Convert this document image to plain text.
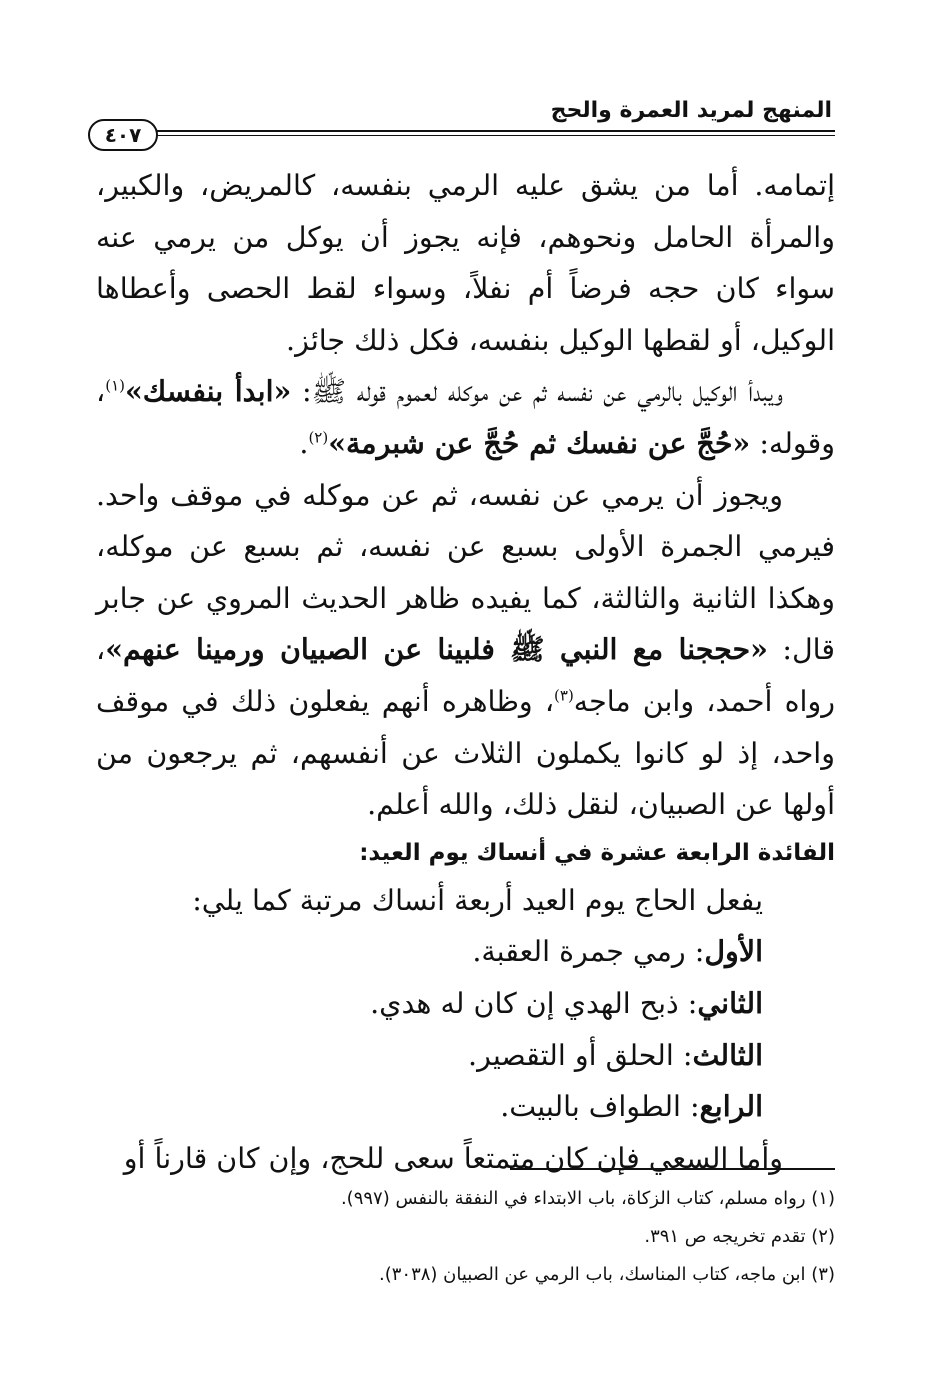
المنهج لمريد العمرة والحج
٤٠٧

إتمامه. أما من يشق عليه الرمي بنفسه، كالمريض، والكبير، والمرأة الحامل ونحوهم، فإنه يجوز أن يوكل من يرمي عنه سواء كان حجه فرضاً أم نفلاً، وسواء لقط الحصى وأعطاها الوكيل، أو لقطها الوكيل بنفسه، فكل ذلك جائز.

ويبدأ الوكيل بالرمي عن نفسه ثم عن موكله لعموم قوله ﷺ: «ابدأ بنفسك»$^{(١)}$، وقوله: «حُجَّ عن نفسك ثم حُجَّ عن شبرمة»$^{(٢)}$.

ويجوز أن يرمي عن نفسه، ثم عن موكله في موقف واحد. فيرمي الجمرة الأولى بسبع عن نفسه، ثم بسبع عن موكله، وهكذا الثانية والثالثة، كما يفيده ظاهر الحديث المروي عن جابر قال: «حججنا مع النبي ﷺ فلبينا عن الصبيان ورمينا عنهم»، رواه أحمد، وابن ماجه$^{(٣)}$، وظاهره أنهم يفعلون ذلك في موقف واحد، إذ لو كانوا يكملون الثلاث عن أنفسهم، ثم يرجعون من أولها عن الصبيان، لنقل ذلك، والله أعلم.

الفائدة الرابعة عشرة في أنساك يوم العيد:

يفعل الحاج يوم العيد أربعة أنساك مرتبة كما يلي:

الأول: رمي جمرة العقبة.

الثاني: ذبح الهدي إن كان له هدي.

الثالث: الحلق أو التقصير.

الرابع: الطواف بالبيت.

وأما السعي فإن كان متمتعاً سعى للحج، وإن كان قارناً أو

(١) رواه مسلم، كتاب الزكاة، باب الابتداء في النفقة بالنفس (٩٩٧).

(٢) تقدم تخريجه ص ٣٩١.

(٣) ابن ماجه، كتاب المناسك، باب الرمي عن الصبيان (٣٠٣٨).
